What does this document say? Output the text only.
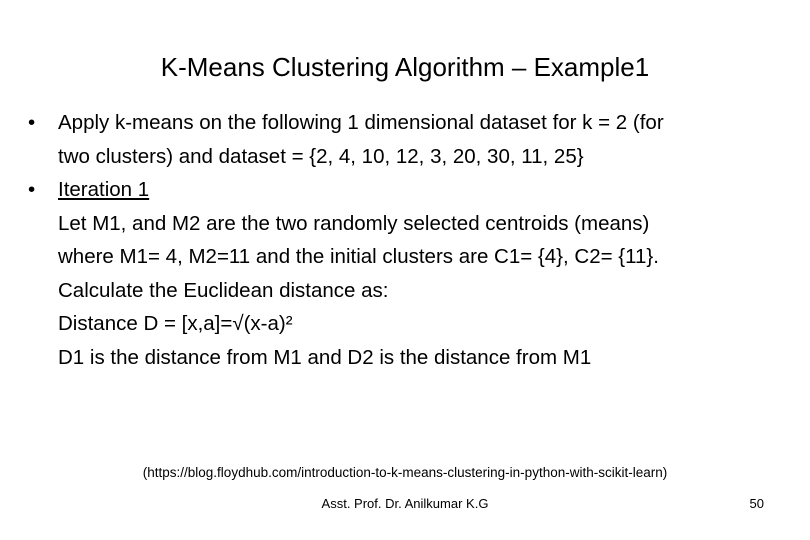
K-Means Clustering Algorithm – Example1
• Apply k-means on the following 1 dimensional dataset for k = 2 (for
two clusters) and dataset = {2, 4, 10, 12, 3, 20, 30, 11, 25}
• Iteration 1
Let M1, and M2 are the two randomly selected centroids (means)
where M1= 4, M2=11 and the initial clusters are C1= {4}, C2= {11}.
Calculate the Euclidean distance as:
Distance D = [x,a]=√(x-a)²
D1 is the distance from M1 and D2 is the distance from M1
(https://blog.floydhub.com/introduction-to-k-means-clustering-in-python-with-scikit-learn)
Asst. Prof. Dr. Anilkumar K.G	50
